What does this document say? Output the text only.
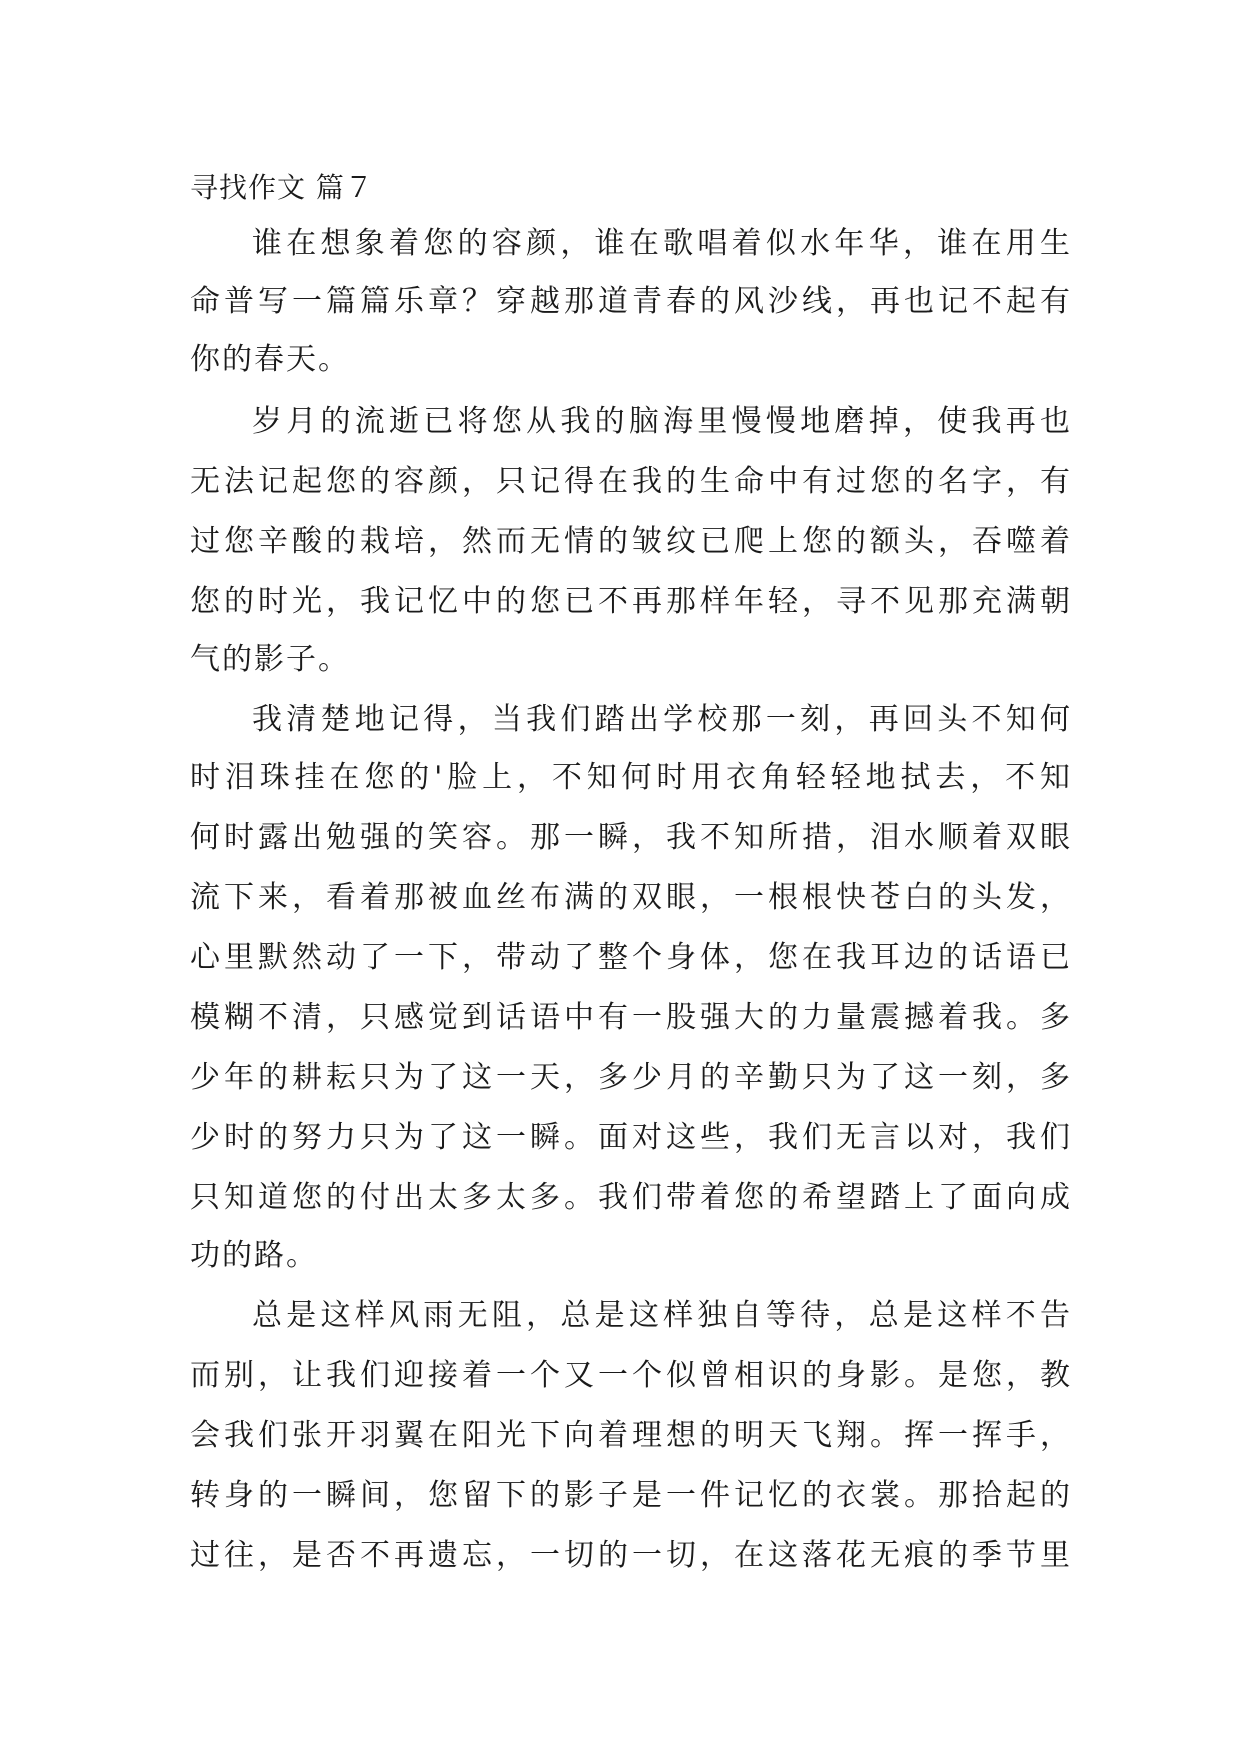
寻找作文 篇７
谁在想象着您的容颜，谁在歌唱着似水年华，谁在用生
命普写一篇篇乐章？穿越那道青春的风沙线，再也记不起有
你的春天。
岁月的流逝已将您从我的脑海里慢慢地磨掉，使我再也
无法记起您的容颜，只记得在我的生命中有过您的名字，有
过您辛酸的栽培，然而无情的皱纹已爬上您的额头，吞噬着
您的时光，我记忆中的您已不再那样年轻，寻不见那充满朝
气的影子。
我清楚地记得，当我们踏出学校那一刻，再回头不知何
时泪珠挂在您的'脸上，不知何时用衣角轻轻地拭去，不知
何时露出勉强的笑容。那一瞬，我不知所措，泪水顺着双眼
流下来，看着那被血丝布满的双眼，一根根快苍白的头发，
心里默然动了一下，带动了整个身体，您在我耳边的话语已
模糊不清，只感觉到话语中有一股强大的力量震撼着我。多
少年的耕耘只为了这一天，多少月的辛勤只为了这一刻，多
少时的努力只为了这一瞬。面对这些，我们无言以对，我们
只知道您的付出太多太多。我们带着您的希望踏上了面向成
功的路。
总是这样风雨无阻，总是这样独自等待，总是这样不告
而别，让我们迎接着一个又一个似曾相识的身影。是您，教
会我们张开羽翼在阳光下向着理想的明天飞翔。挥一挥手，
转身的一瞬间，您留下的影子是一件记忆的衣裳。那拾起的
过往，是否不再遗忘，一切的一切，在这落花无痕的季节里
